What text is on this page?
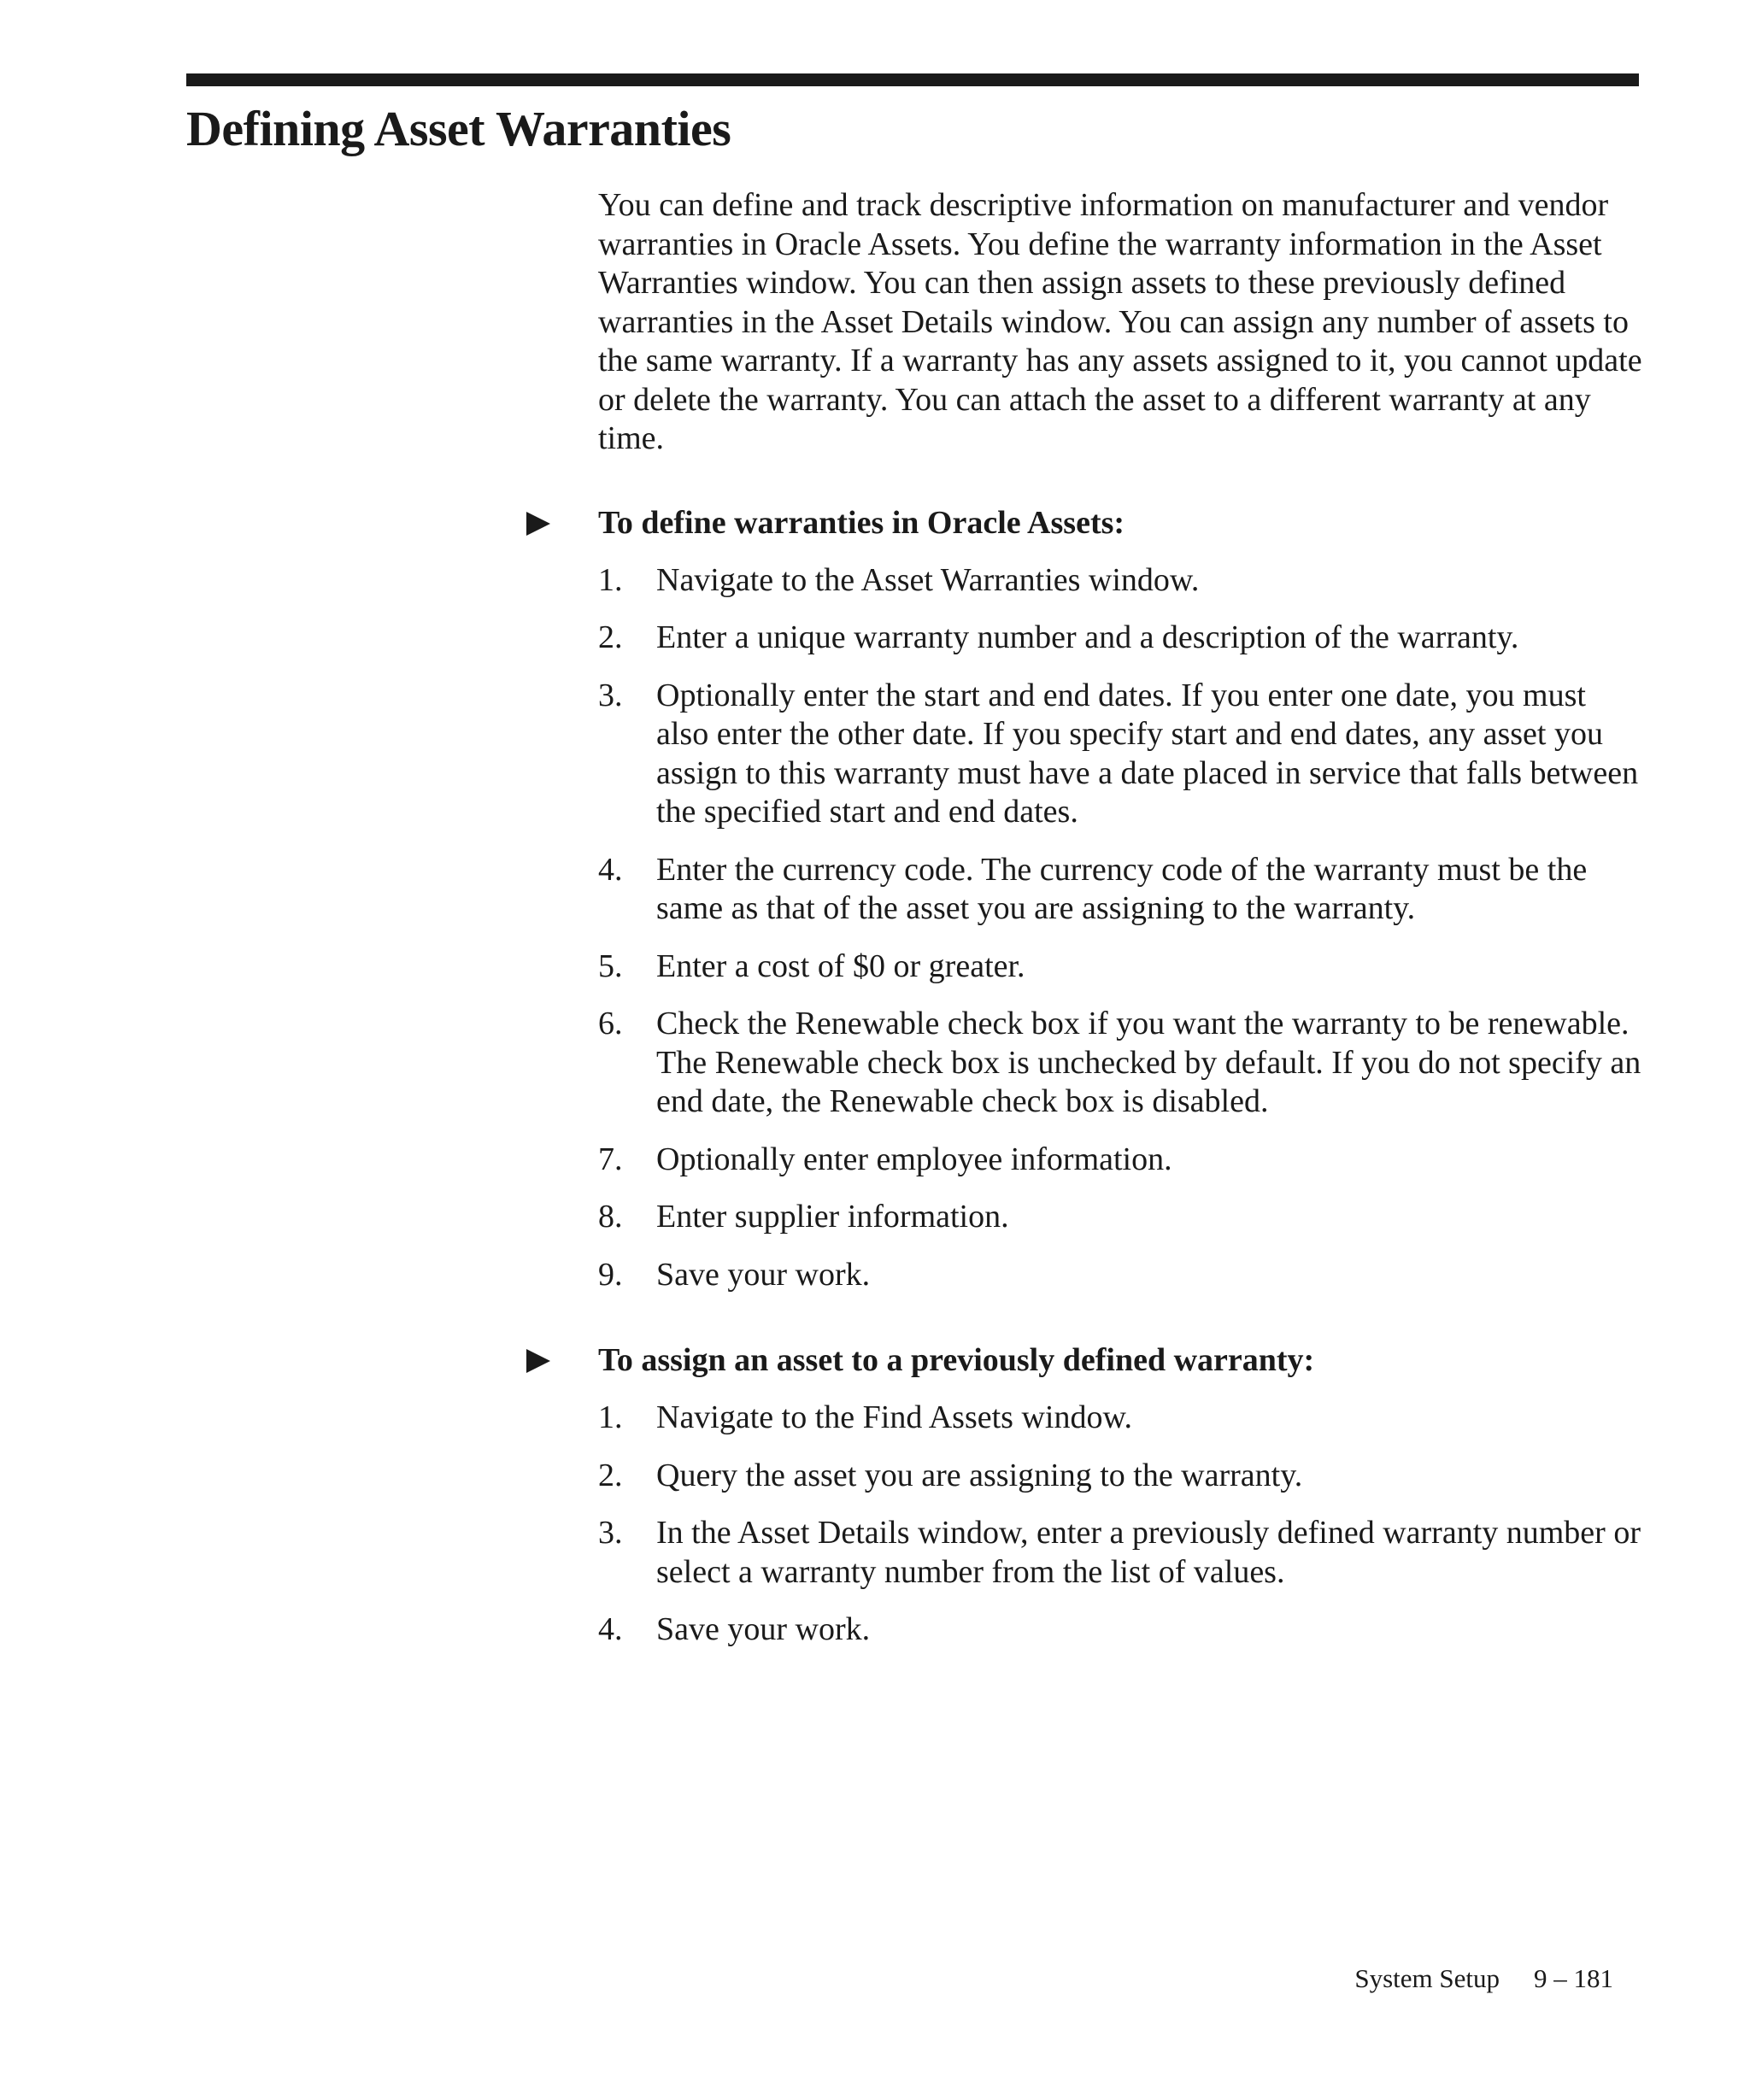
Defining Asset Warranties

You can define and track descriptive information on manufacturer and vendor warranties in Oracle Assets. You define the warranty information in the Asset Warranties window. You can then assign assets to these previously defined warranties in the Asset Details window. You can assign any number of assets to the same warranty. If a warranty has any assets assigned to it, you cannot update or delete the warranty. You can attach the asset to a different warranty at any time.

To define warranties in Oracle Assets:
1. Navigate to the Asset Warranties window.
2. Enter a unique warranty number and a description of the warranty.
3. Optionally enter the start and end dates. If you enter one date, you must also enter the other date. If you specify start and end dates, any asset you assign to this warranty must have a date placed in service that falls between the specified start and end dates.
4. Enter the currency code. The currency code of the warranty must be the same as that of the asset you are assigning to the warranty.
5. Enter a cost of $0 or greater.
6. Check the Renewable check box if you want the warranty to be renewable. The Renewable check box is unchecked by default. If you do not specify an end date, the Renewable check box is disabled.
7. Optionally enter employee information.
8. Enter supplier information.
9. Save your work.
To assign an asset to a previously defined warranty:
1. Navigate to the Find Assets window.
2. Query the asset you are assigning to the warranty.
3. In the Asset Details window, enter a previously defined warranty number or select a warranty number from the list of values.
4. Save your work.
System Setup 9 – 181
